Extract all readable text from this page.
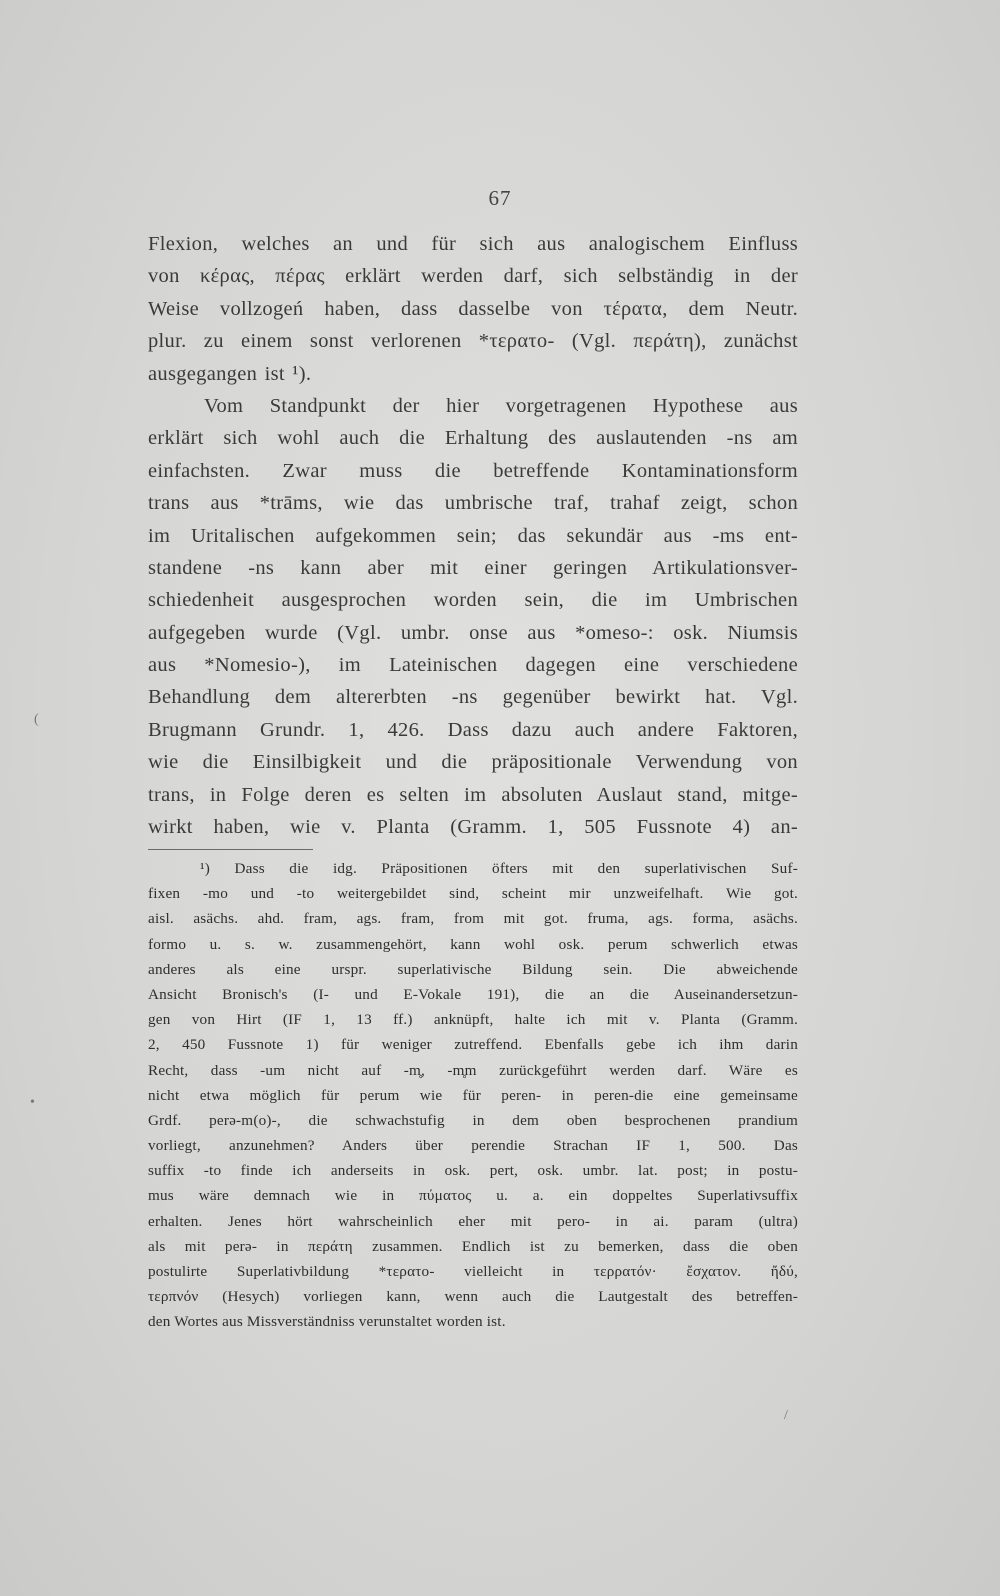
67
Flexion, welches an und für sich aus analogischem Einfluss
von κέρας, πέρας erklärt werden darf, sich selbständig in der
Weise vollzogeń haben, dass dasselbe von τέρατα, dem Neutr.
plur. zu einem sonst verlorenen *τερατο- (Vgl. περάτη), zunächst
ausgegangen ist ¹).
Vom Standpunkt der hier vorgetragenen Hypothese aus
erklärt sich wohl auch die Erhaltung des auslautenden -ns am
einfachsten. Zwar muss die betreffende Kontaminationsform
trans aus *trāms, wie das umbrische traf, trahaf zeigt, schon
im Uritalischen aufgekommen sein; das sekundär aus -ms ent-
standene -ns kann aber mit einer geringen Artikulationsver-
schiedenheit ausgesprochen worden sein, die im Umbrischen
aufgegeben wurde (Vgl. umbr. onse aus *omeso-: osk. Niumsis
aus *Nomesio-), im Lateinischen dagegen eine verschiedene
Behandlung dem altererbten -ns gegenüber bewirkt hat. Vgl.
Brugmann Grundr. 1, 426. Dass dazu auch andere Faktoren,
wie die Einsilbigkeit und die präpositionale Verwendung von
trans, in Folge deren es selten im absoluten Auslaut stand, mitge-
wirkt haben, wie v. Planta (Gramm. 1, 505 Fussnote 4) an-
¹) Dass die idg. Präpositionen öfters mit den superlativischen Suf-
fixen -mo und -to weitergebildet sind, scheint mir unzweifelhaft. Wie got.
aisl. asächs. ahd. fram, ags. fram, from mit got. fruma, ags. forma, asächs.
formo u. s. w. zusammengehört, kann wohl osk. perum schwerlich etwas
anderes als eine urspr. superlativische Bildung sein. Die abweichende
Ansicht Bronisch's (I- und E-Vokale 191), die an die Auseinandersetzun-
gen von Hirt (IF 1, 13 ff.) anknüpft, halte ich mit v. Planta (Gramm.
2, 450 Fussnote 1) für weniger zutreffend. Ebenfalls gebe ich ihm darin
Recht, dass -um nicht auf -m̥, -m̥m zurückgeführt werden darf. Wäre es
nicht etwa möglich für perum wie für peren- in peren-die eine gemeinsame
Grdf. perə-m(o)-, die schwachstufig in dem oben besprochenen prandium
vorliegt, anzunehmen? Anders über perendie Strachan IF 1, 500. Das
suffix -to finde ich anderseits in osk. pert, osk. umbr. lat. post; in postu-
mus wäre demnach wie in πύματος u. a. ein doppeltes Superlativsuffix
erhalten. Jenes hört wahrscheinlich eher mit pero- in ai. param (ultra)
als mit perə- in περάτη zusammen. Endlich ist zu bemerken, dass die oben
postulirte Superlativbildung *τερατο- vielleicht in τερρατόν· ἔσχατον. ἤδύ,
τερπνόν (Hesych) vorliegen kann, wenn auch die Lautgestalt des betreffen-
den Wortes aus Missverständniss verunstaltet worden ist.
(
•
/
